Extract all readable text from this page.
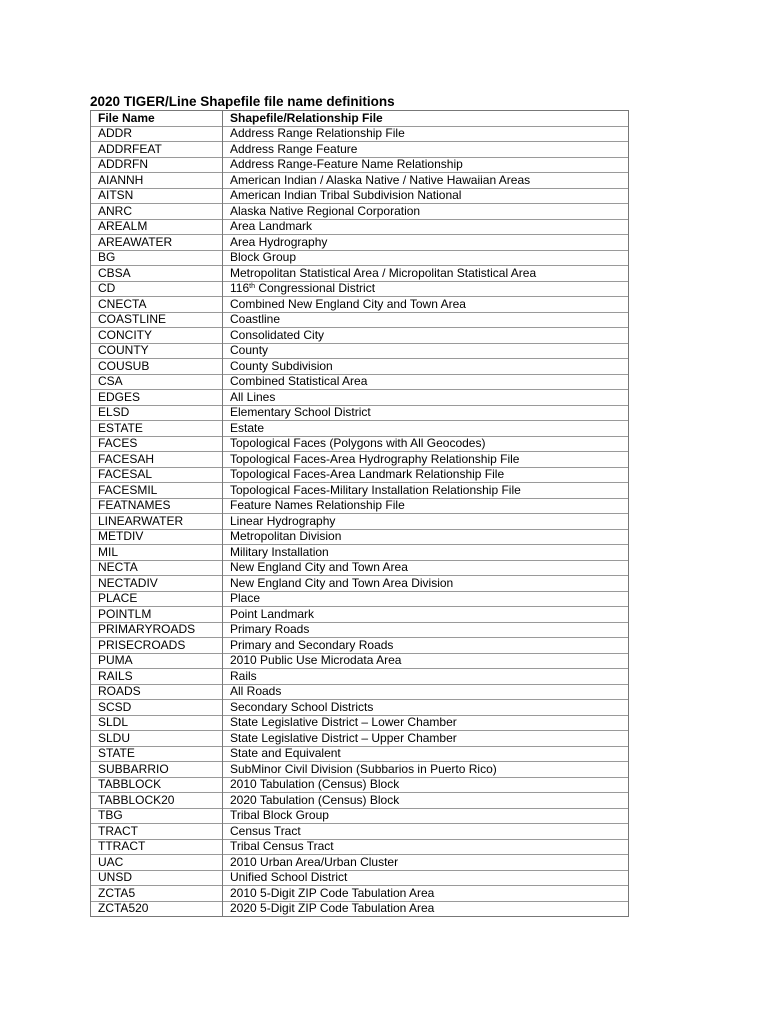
2020 TIGER/Line Shapefile file name definitions
File Name	Shapefile/Relationship File
ADDR	Address Range Relationship File
ADDRFEAT	Address Range Feature
ADDRFN	Address Range-Feature Name Relationship
AIANNH	American Indian / Alaska Native / Native Hawaiian Areas
AITSN	American Indian Tribal Subdivision National
ANRC	Alaska Native Regional Corporation
AREALM	Area Landmark
AREAWATER	Area Hydrography
BG	Block Group
CBSA	Metropolitan Statistical Area / Micropolitan Statistical Area
CD	116th Congressional District
CNECTA	Combined New England City and Town Area
COASTLINE	Coastline
CONCITY	Consolidated City
COUNTY	County
COUSUB	County Subdivision
CSA	Combined Statistical Area
EDGES	All Lines
ELSD	Elementary School District
ESTATE	Estate
FACES	Topological Faces (Polygons with All Geocodes)
FACESAH	Topological Faces-Area Hydrography Relationship File
FACESAL	Topological Faces-Area Landmark Relationship File
FACESMIL	Topological Faces-Military Installation Relationship File
FEATNAMES	Feature Names Relationship File
LINEARWATER	Linear Hydrography
METDIV	Metropolitan Division
MIL	Military Installation
NECTA	New England City and Town Area
NECTADIV	New England City and Town Area Division
PLACE	Place
POINTLM	Point Landmark
PRIMARYROADS	Primary Roads
PRISECROADS	Primary and Secondary Roads
PUMA	2010 Public Use Microdata Area
RAILS	Rails
ROADS	All Roads
SCSD	Secondary School Districts
SLDL	State Legislative District – Lower Chamber
SLDU	State Legislative District – Upper Chamber
STATE	State and Equivalent
SUBBARRIO	SubMinor Civil Division (Subbarios in Puerto Rico)
TABBLOCK	2010 Tabulation (Census) Block
TABBLOCK20	2020 Tabulation (Census) Block
TBG	Tribal Block Group
TRACT	Census Tract
TTRACT	Tribal Census Tract
UAC	2010 Urban Area/Urban Cluster
UNSD	Unified School District
ZCTA5	2010 5-Digit ZIP Code Tabulation Area
ZCTA520	2020 5-Digit ZIP Code Tabulation Area
